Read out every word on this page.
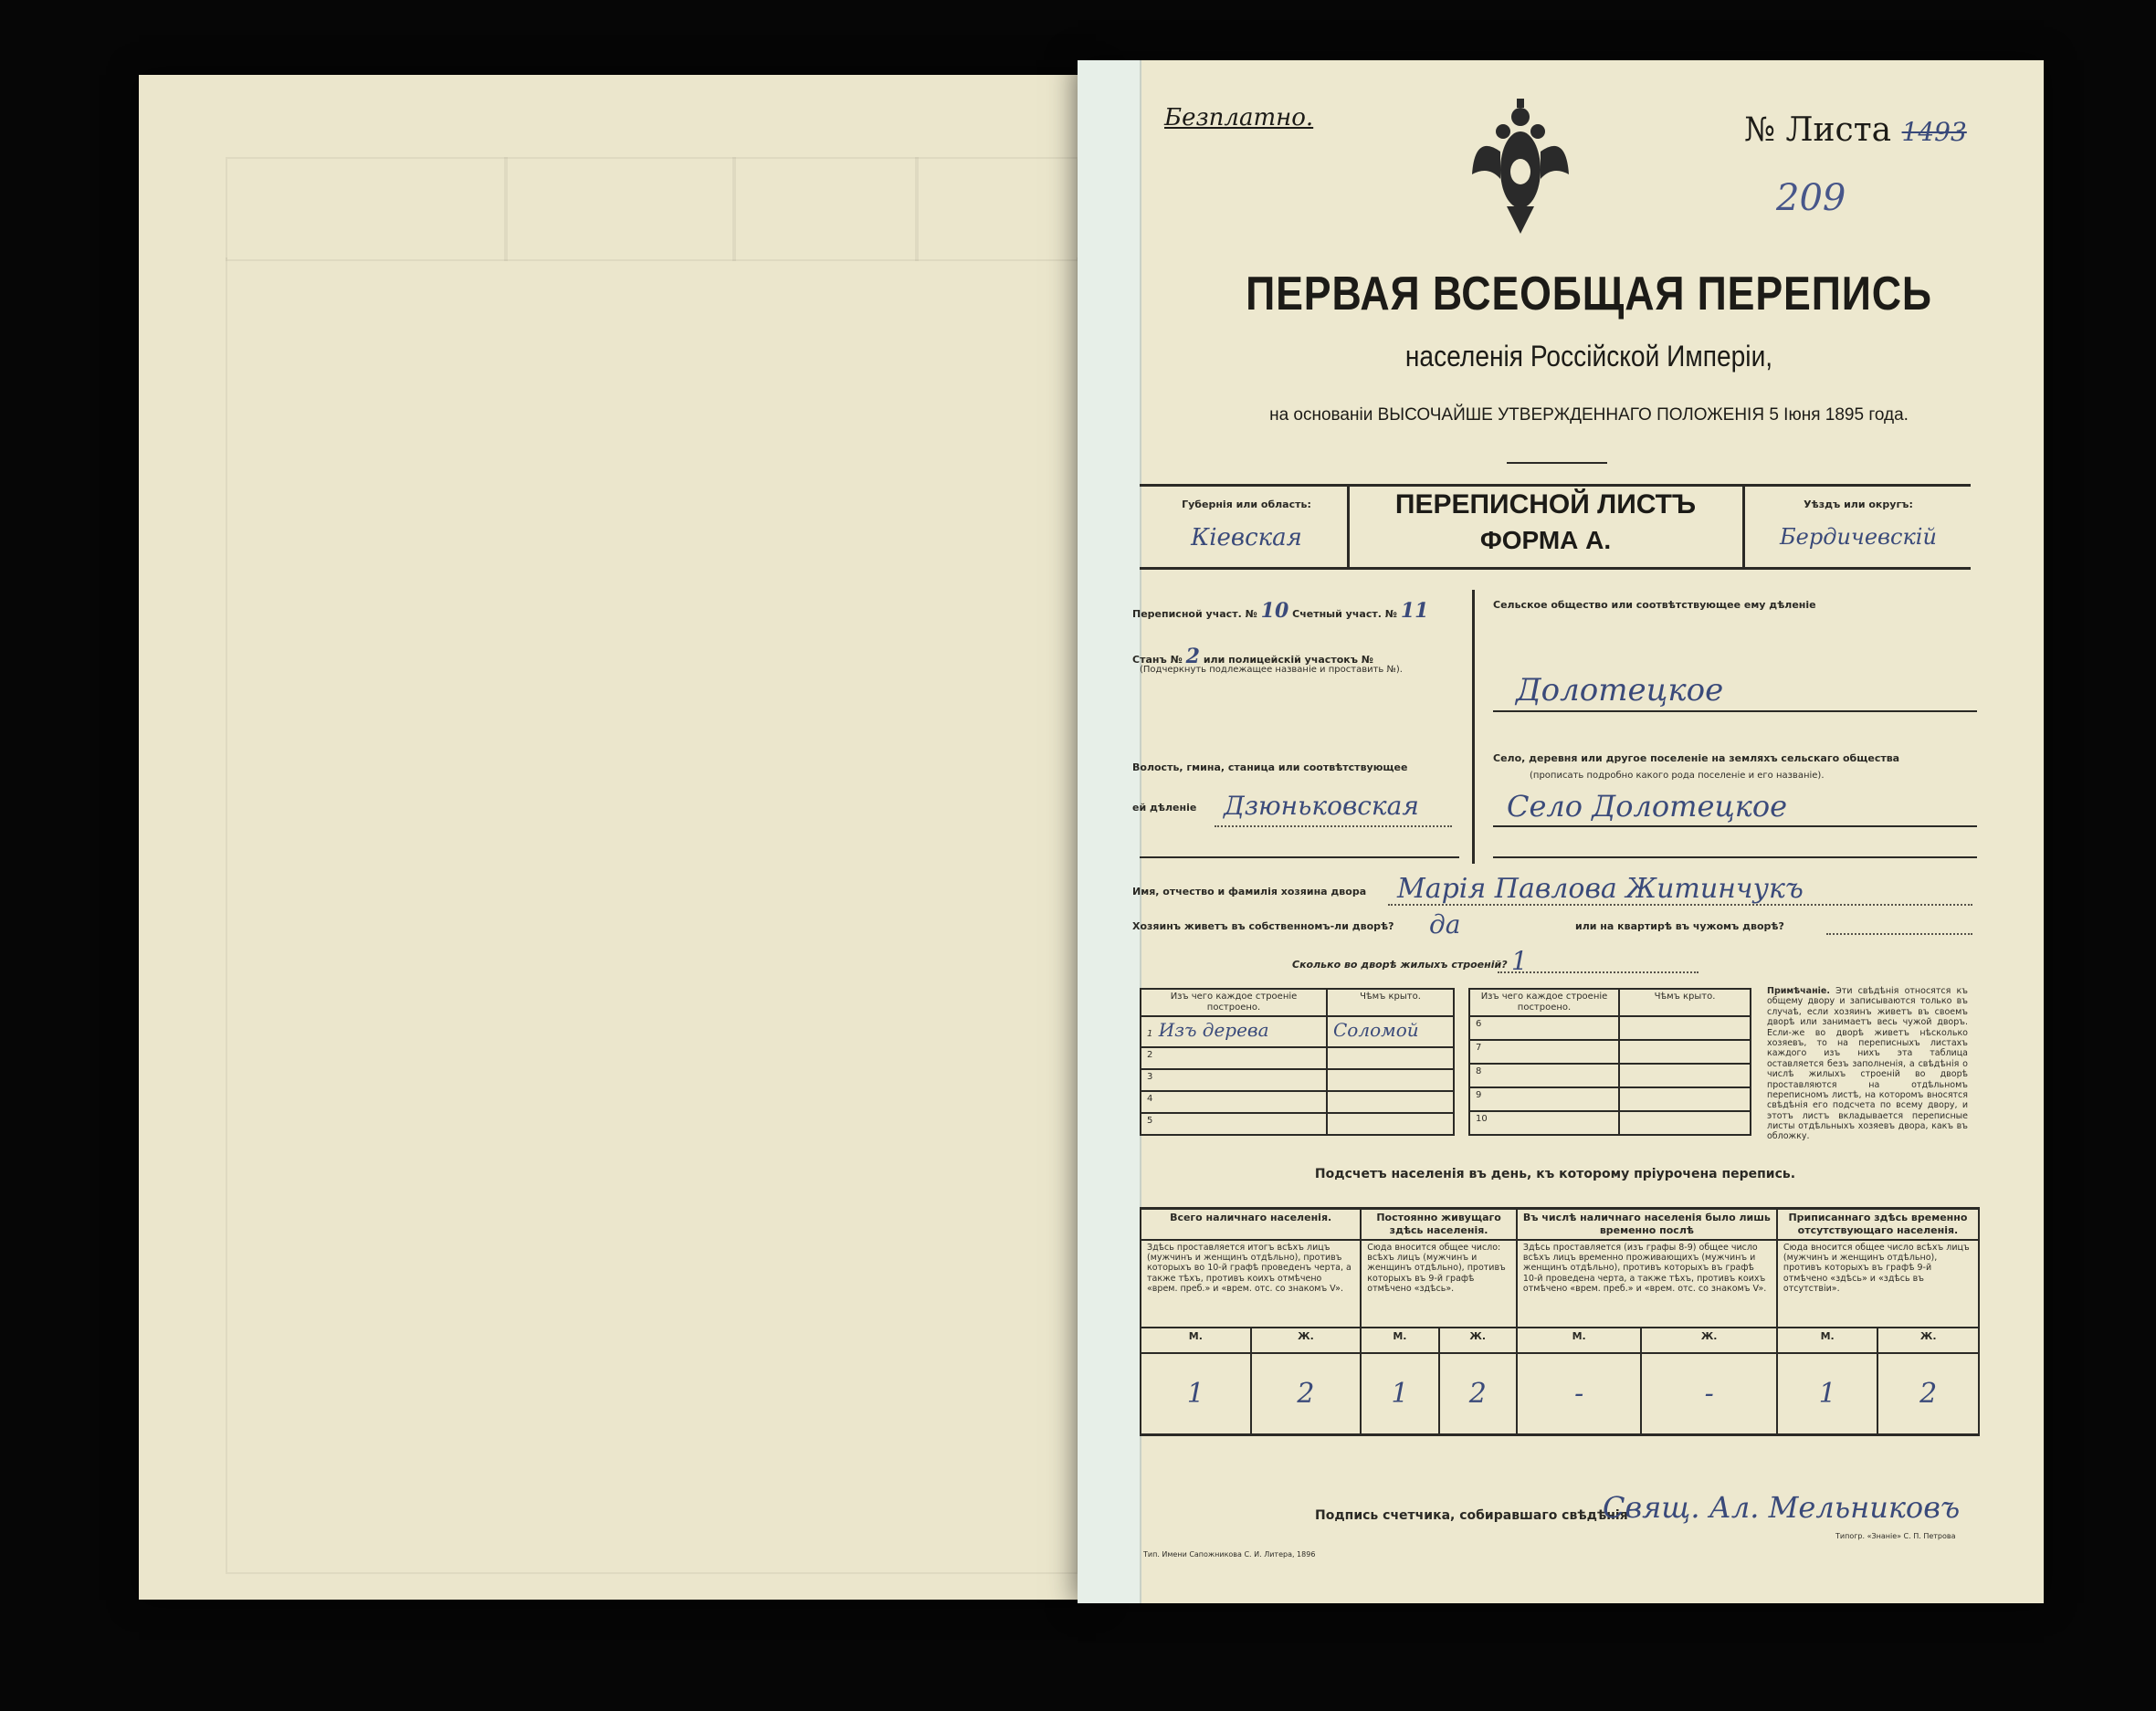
Безплатно.	№ Листа 1493
209
ПЕРВАЯ ВСЕОБЩАЯ ПЕРЕПИСЬ
населенія Россійской Имперіи,
на основаніи ВЫСОЧАЙШЕ УТВЕРЖДЕННАГО ПОЛОЖЕНІЯ 5 Іюня 1895 года.
Губернія или область:
Кіевская
ПЕРЕПИСНОЙ ЛИСТЪ
ФОРМА А.
Уѣздъ или округъ:
Бердичевскій
Переписной участ. № 10 Счетный участ. № 11
Станъ № 2 или полицейскій участокъ №
(Подчеркнуть подлежащее названіе и проставить №).
Волость, гмина, станица или соотвѣтствующее
ей дѣленіе Дзюньковская
Сельское общество или соотвѣтствующее ему дѣленіе
Долотецкое
Село, деревня или другое поселеніе на земляхъ сельскаго общества
(прописать подробно какого рода поселеніе и его названіе).
Село Долотецкое
Имя, отчество и фамилія хозяина двора Марія Павлова Житинчукъ
Хозяинъ живетъ въ собственномъ-ли дворѣ? да	или на квартирѣ въ чужомъ дворѣ?
Сколько во дворѣ жилыхъ строеній? 1
Изъ чего каждое строеніе построено.	Чѣмъ крыто.
1 Изъ дерева	Соломой
2	
3	
4	
5	
Изъ чего каждое строеніе построено.	Чѣмъ крыто.
6	
7	
8	
9	
10	
Примѣчаніе. Эти свѣдѣнія относятся къ общему двору и записываются только въ случаѣ, если хозяинъ живетъ въ своемъ дворѣ или занимаетъ весь чужой дворъ. Если-же во дворѣ живетъ нѣсколько хозяевъ, то на переписныхъ листахъ каждого изъ нихъ эта таблица оставляется безъ заполненія, а свѣдѣнія о числѣ жилыхъ строеній во дворѣ проставляются на отдѣльномъ переписномъ листѣ, на которомъ вносятся свѣдѣнія его подсчета по всему двору, и этотъ листъ вкладывается переписные листы отдѣльныхъ хозяевъ двора, какъ въ обложку.
Подсчетъ населенія въ день, къ которому пріурочена перепись.
Всего наличнаго населенія.		Постоянно живущаго здѣсь населенія.		Въ числѣ наличнаго населенія было лишь временно послѣ		Приписаннаго здѣсь временно отсутствующаго населенія.	
Здѣсь проставляется итогъ всѣхъ лицъ (мужчинъ и женщинъ отдѣльно), противъ которыхъ во 10-й графѣ проведенъ черта, а также тѣхъ, противъ коихъ отмѣчено «врем. преб.» и «врем. отс. со знакомъ V».		Сюда вносится общее число: всѣхъ лицъ (мужчинъ и женщинъ отдѣльно), противъ которыхъ въ 9-й графѣ отмѣчено «здѣсь».		Здѣсь проставляется (изъ графы 8-9) общее число всѣхъ лицъ временно проживающихъ (мужчинъ и женщинъ отдѣльно), противъ которыхъ въ графѣ 10-й проведена черта, а также тѣхъ, противъ коихъ отмѣчено «врем. преб.» и «врем. отс. со знакомъ V».		Сюда вносится общее число всѣхъ лицъ (мужчинъ и женщинъ отдѣльно), противъ которыхъ въ графѣ 9-й отмѣчено «здѣсь» и «здѣсь въ отсутствіи».	
М.	Ж.	М.	Ж.	М.	Ж.	М.	Ж.
1	2	1	2	-	-	1	2
Подпись счетчика, собиравшаго свѣдѣнія
Свящ. Ал. Мельниковъ
Тип. Имени Сапожникова С. И. Литера, 1896
Типогр. «Знаніе» С. П. Петрова
